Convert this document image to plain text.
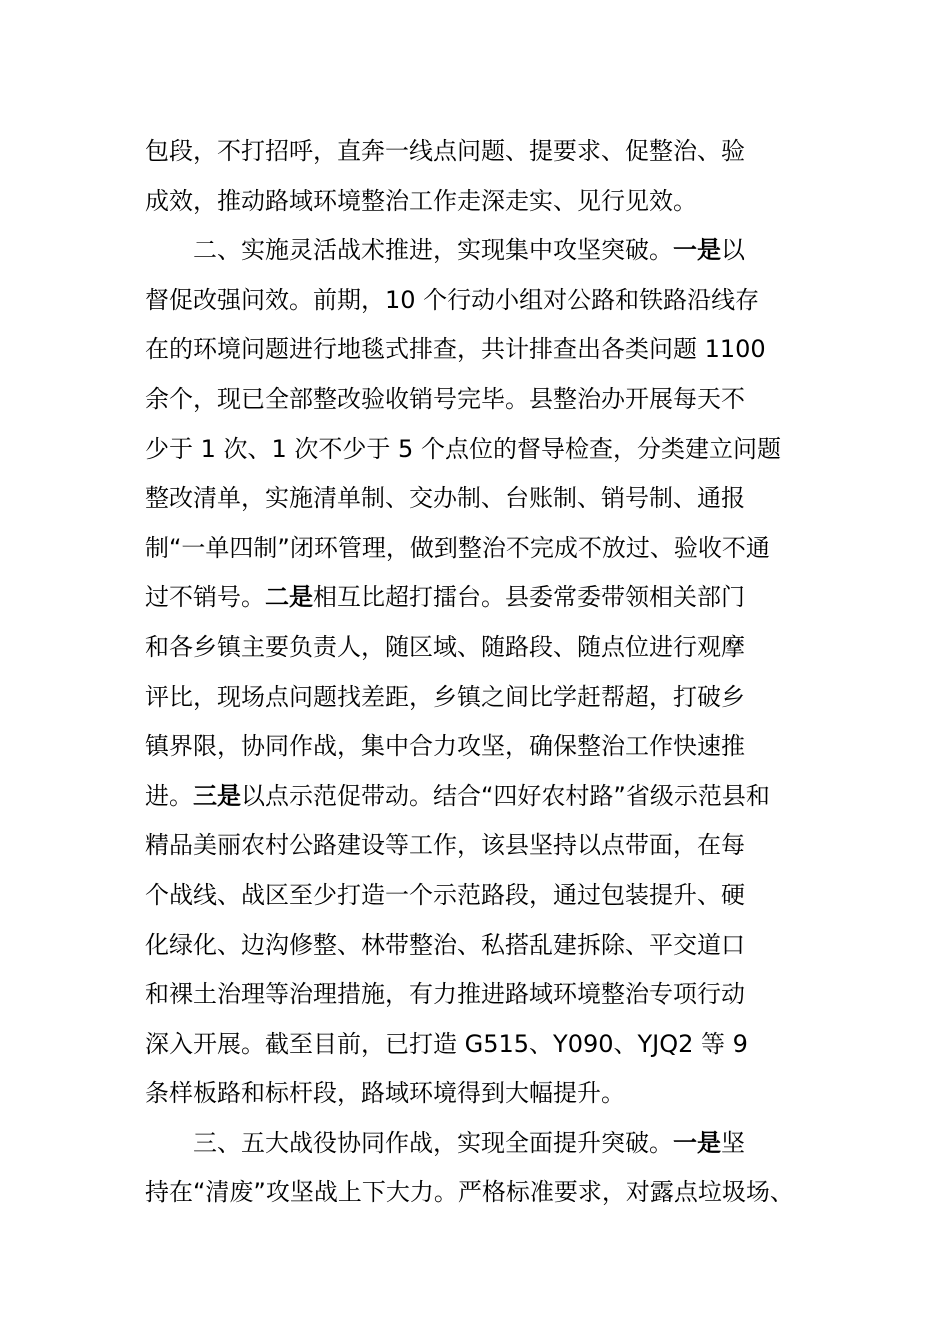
包段，不打招呼，直奔一线点问题、提要求、促整治、验
成效，推动路域环境整治工作走深走实、见行见效。
二、实施灵活战术推进，实现集中攻坚突破。一是以
督促改强问效。前期，10 个行动小组对公路和铁路沿线存
在的环境问题进行地毯式排查，共计排查出各类问题 1100
余个，现已全部整改验收销号完毕。县整治办开展每天不
少于 1 次、1 次不少于 5 个点位的督导检查，分类建立问题
整改清单，实施清单制、交办制、台账制、销号制、通报
制“一单四制”闭环管理，做到整治不完成不放过、验收不通
过不销号。二是相互比超打擂台。县委常委带领相关部门
和各乡镇主要负责人，随区域、随路段、随点位进行观摩
评比，现场点问题找差距，乡镇之间比学赶帮超，打破乡
镇界限，协同作战，集中合力攻坚，确保整治工作快速推
进。三是以点示范促带动。结合“四好农村路”省级示范县和
精品美丽农村公路建设等工作，该县坚持以点带面，在每
个战线、战区至少打造一个示范路段，通过包装提升、硬
化绿化、边沟修整、林带整治、私搭乱建拆除、平交道口
和裸土治理等治理措施，有力推进路域环境整治专项行动
深入开展。截至目前，已打造 G515、Y090、YJQ2 等 9
条样板路和标杆段，路域环境得到大幅提升。
三、五大战役协同作战，实现全面提升突破。一是坚
持在“清废”攻坚战上下大力。严格标准要求，对露点垃圾场、
